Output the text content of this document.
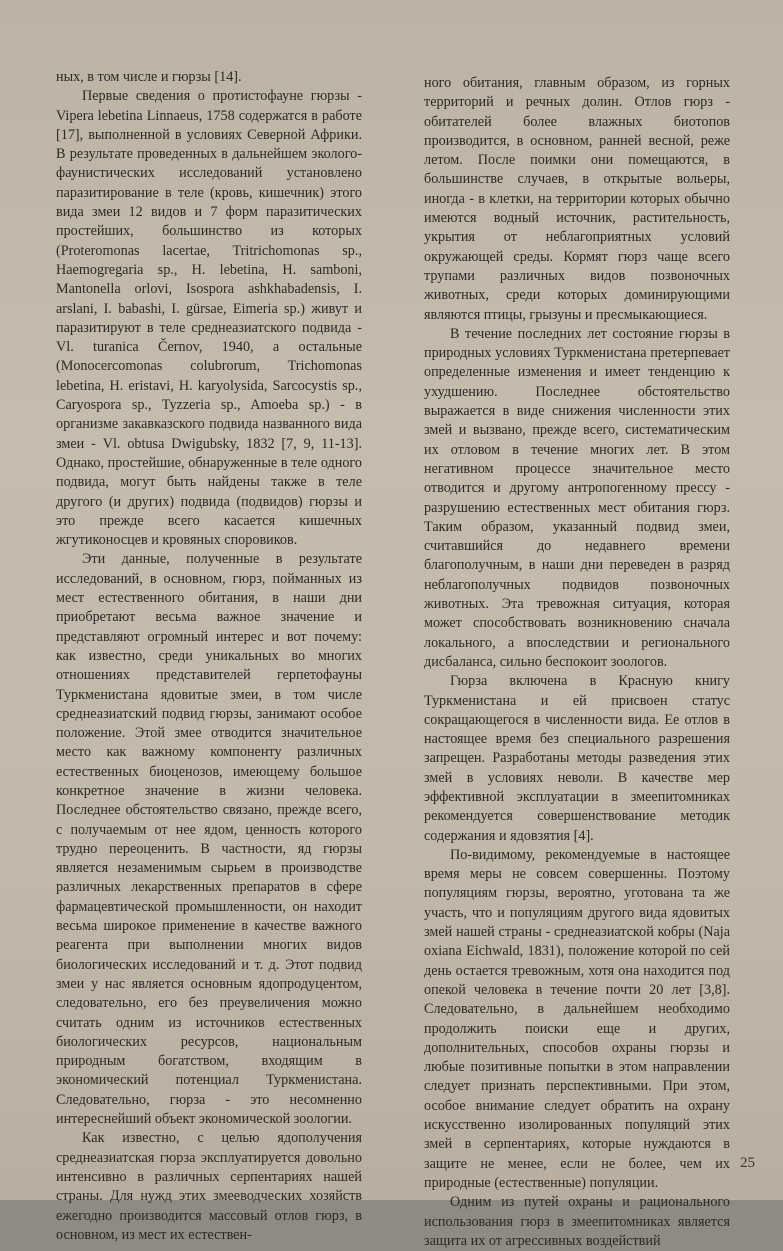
ных, в том числе и гюрзы [14].

Первые сведения о протистофауне гюрзы - Vipera lebetina Linnaeus, 1758 содержатся в работе [17], выполненной в условиях Северной Африки. В результате проведенных в дальнейшем эколого-фаунистических исследований установлено паразитирование в теле (кровь, кишечник) этого вида змеи 12 видов и 7 форм паразитических простейших, большинство из которых (Proteromonas lacertae, Tritrichomonas sp., Haemogregaria sp., H. lebetina, H. samboni, Mantonella orlovi, Isospora ashkhabadensis, I. arslani, I. babashi, I. gürsae, Eimeria sp.) живут и паразитируют в теле среднеазиатского подвида - Vl. turanica Černov, 1940, а остальные (Monocercomonas colubrorum, Trichomonas lebetina, H. eristavi, H. karyolysida, Sarcocystis sp., Caryospora sp., Tyzzeria sp., Amoeba sp.) - в организме закавказского подвида названного вида змеи - Vl. obtusa Dwigubsky, 1832 [7, 9, 11-13]. Однако, простейшие, обнаруженные в теле одного подвида, могут быть найдены также в теле другого (и других) подвида (подвидов) гюрзы и это прежде всего касается кишечных жгутиконосцев и кровяных споровиков.

Эти данные, полученные в результате исследований, в основном, гюрз, пойманных из мест естественного обитания, в наши дни приобретают весьма важное значение и представляют огромный интерес и вот почему: как известно, среди уникальных во многих отношениях представителей герпетофауны Туркменистана ядовитые змеи, в том числе среднеазиатский подвид гюрзы, занимают особое положение. Этой змее отводится значительное место как важному компоненту различных естественных биоценозов, имеющему большое конкретное значение в жизни человека. Последнее обстоятельство связано, прежде всего, с получаемым от нее ядом, ценность которого трудно переоценить. В частности, яд гюрзы является незаменимым сырьем в производстве различных лекарственных препаратов в сфере фармацевтической промышленности, он находит весьма широкое применение в качестве важного реагента при выполнении многих видов биологических исследований и т. д. Этот подвид змеи у нас является основным ядопродуцентом, следовательно, его без преувеличения можно считать одним из источников естественных биологических ресурсов, национальным природным богатством, входящим в экономический потенциал Туркменистана. Следовательно, гюрза - это несомненно интереснейший объект экономической зоологии.

Как известно, с целью ядополучения среднеазиатская гюрза эксплуатируется довольно интенсивно в различных серпентариях нашей страны. Для нужд этих змееводческих хозяйств ежегодно производится массовый отлов гюрз, в основном, из мест их естествен-

ного обитания, главным образом, из горных территорий и речных долин. Отлов гюрз - обитателей более влажных биотопов производится, в основном, ранней весной, реже летом. После поимки они помещаются, в большинстве случаев, в открытые вольеры, иногда - в клетки, на территории которых обычно имеются водный источник, растительность, укрытия от неблагоприятных условий окружающей среды. Кормят гюрз чаще всего трупами различных видов позвоночных животных, среди которых доминирующими являются птицы, грызуны и пресмыкающиеся.

В течение последних лет состояние гюрзы в природных условиях Туркменистана претерпевает определенные изменения и имеет тенденцию к ухудшению. Последнее обстоятельство выражается в виде снижения численности этих змей и вызвано, прежде всего, систематическим их отловом в течение многих лет. В этом негативном процессе значительное место отводится и другому антропогенному прессу - разрушению естественных мест обитания гюрз. Таким образом, указанный подвид змеи, считавшийся до недавнего времени благополучным, в наши дни переведен в разряд неблагополучных подвидов позвоночных животных. Эта тревожная ситуация, которая может способствовать возникновению сначала локального, а впоследствии и регионального дисбаланса, сильно беспокоит зоологов.

Гюрза включена в Красную книгу Туркменистана и ей присвоен статус сокращающегося в численности вида. Ее отлов в настоящее время без специального разрешения запрещен. Разработаны методы разведения этих змей в условиях неволи. В качестве мер эффективной эксплуатации в змеепитомниках рекомендуется совершенствование методик содержания и ядовзятия [4].

По-видимому, рекомендуемые в настоящее время меры не совсем совершенны. Поэтому популяциям гюрзы, вероятно, уготована та же участь, что и популяциям другого вида ядовитых змей нашей страны - среднеазиатской кобры (Naja oxiana Eichwald, 1831), положение которой по сей день остается тревожным, хотя она находится под опекой человека в течение почти 20 лет [3,8]. Следовательно, в дальнейшем необходимо продолжить поиски еще и других, дополнительных, способов охраны гюрзы и любые позитивные попытки в этом направлении следует признать перспективными. При этом, особое внимание следует обратить на охрану искусственно изолированных популяций этих змей в серпентариях, которые нуждаются в защите не менее, если не более, чем их природные (естественные) популяции.

Одним из путей охраны и рационального использования гюрз в змеепитомниках является защита их от агрессивных воздействий

25
